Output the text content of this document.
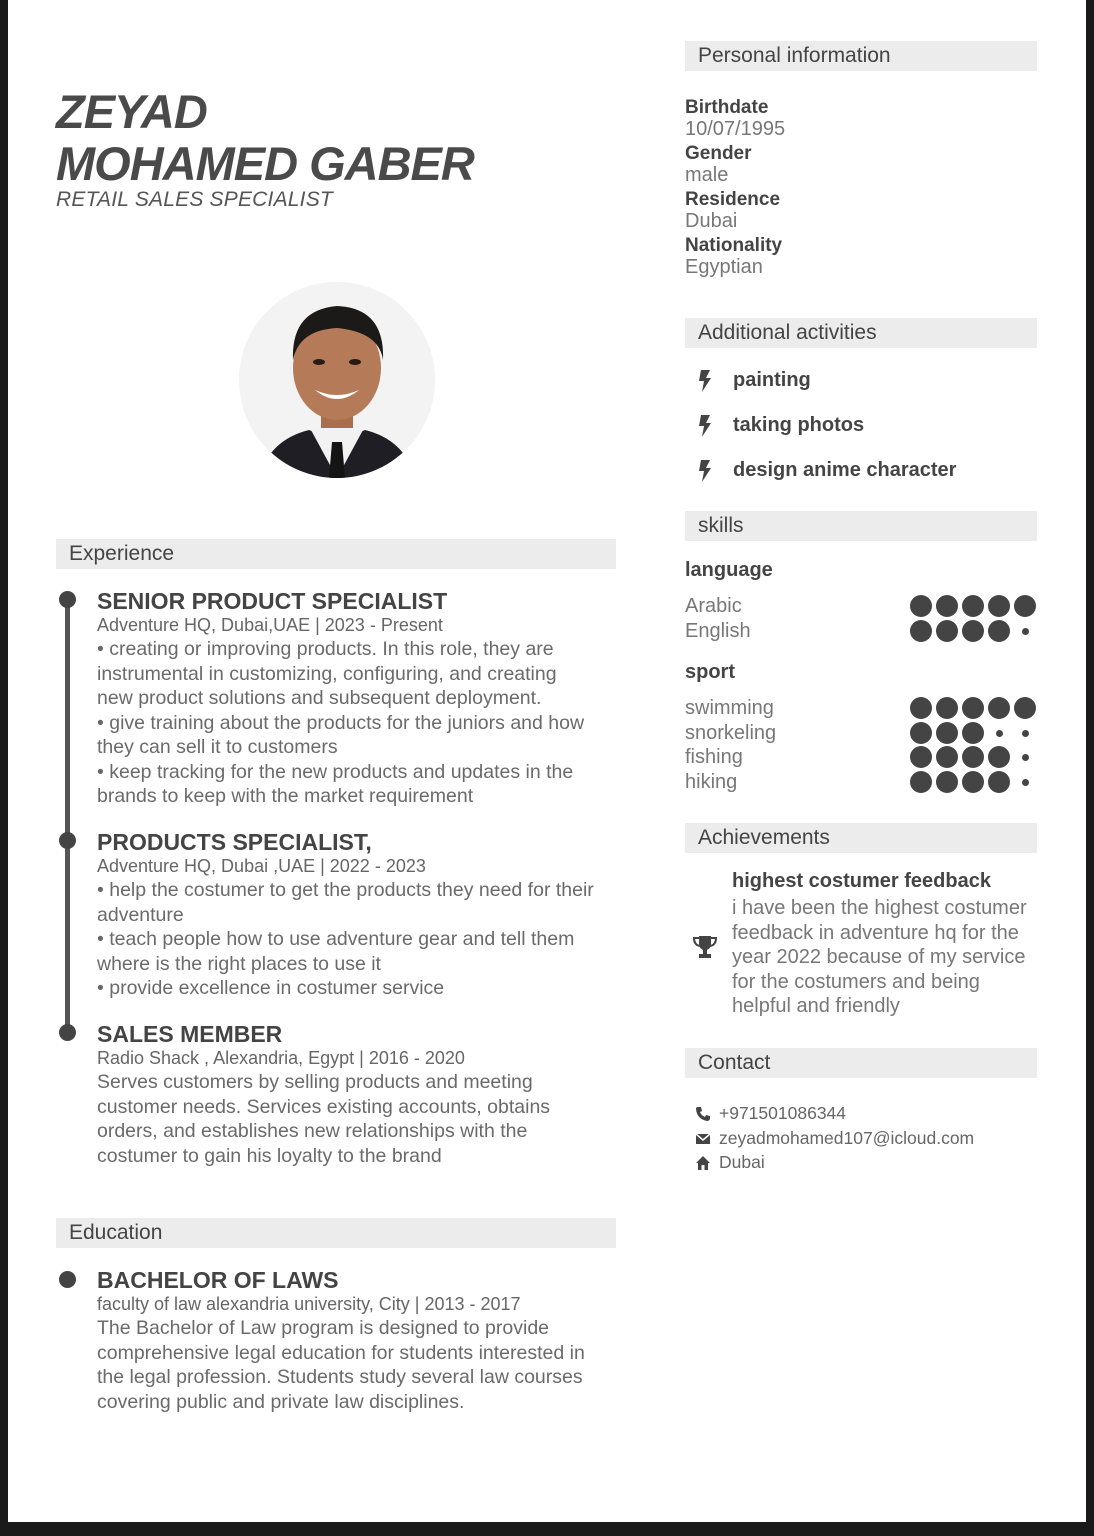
ZEYAD
MOHAMED GABER
RETAIL SALES SPECIALIST
Experience
SENIOR PRODUCT SPECIALIST
Adventure HQ, Dubai,UAE | 2023 - Present

• creating or improving products. In this role, they are

instrumental in customizing, configuring, and creating

new product solutions and subsequent deployment.

• give training about the products for the juniors and how

they can sell it to customers

• keep tracking for the new products and updates in the

brands to keep with the market requirement

PRODUCTS SPECIALIST,
Adventure HQ, Dubai ,UAE | 2022 - 2023

• help the costumer to get the products they need for their

adventure

• teach people how to use adventure gear and tell them

where is the right places to use it

• provide excellence in costumer service

SALES MEMBER
Radio Shack , Alexandria, Egypt | 2016 - 2020

Serves customers by selling products and meeting

customer needs. Services existing accounts, obtains

orders, and establishes new relationships with the

costumer to gain his loyalty to the brand

Education
BACHELOR OF LAWS
faculty of law alexandria university, City | 2013 - 2017

The Bachelor of Law program is designed to provide

comprehensive legal education for students interested in

the legal profession. Students study several law courses

covering public and private law disciplines.

Personal information
Birthdate
10/07/1995
Gender
male
Residence
Dubai
Nationality
Egyptian
Additional activities
painting
taking photos
design anime character
skills
language
Arabic
English
sport
swimming
snorkeling
fishing
hiking
Achievements
highest costumer feedback
i have been the highest costumer
feedback in adventure hq for the
year 2022 because of my service
for the costumers and being
helpful and friendly
Contact
+971501086344
zeyadmohamed107@icloud.com
Dubai
